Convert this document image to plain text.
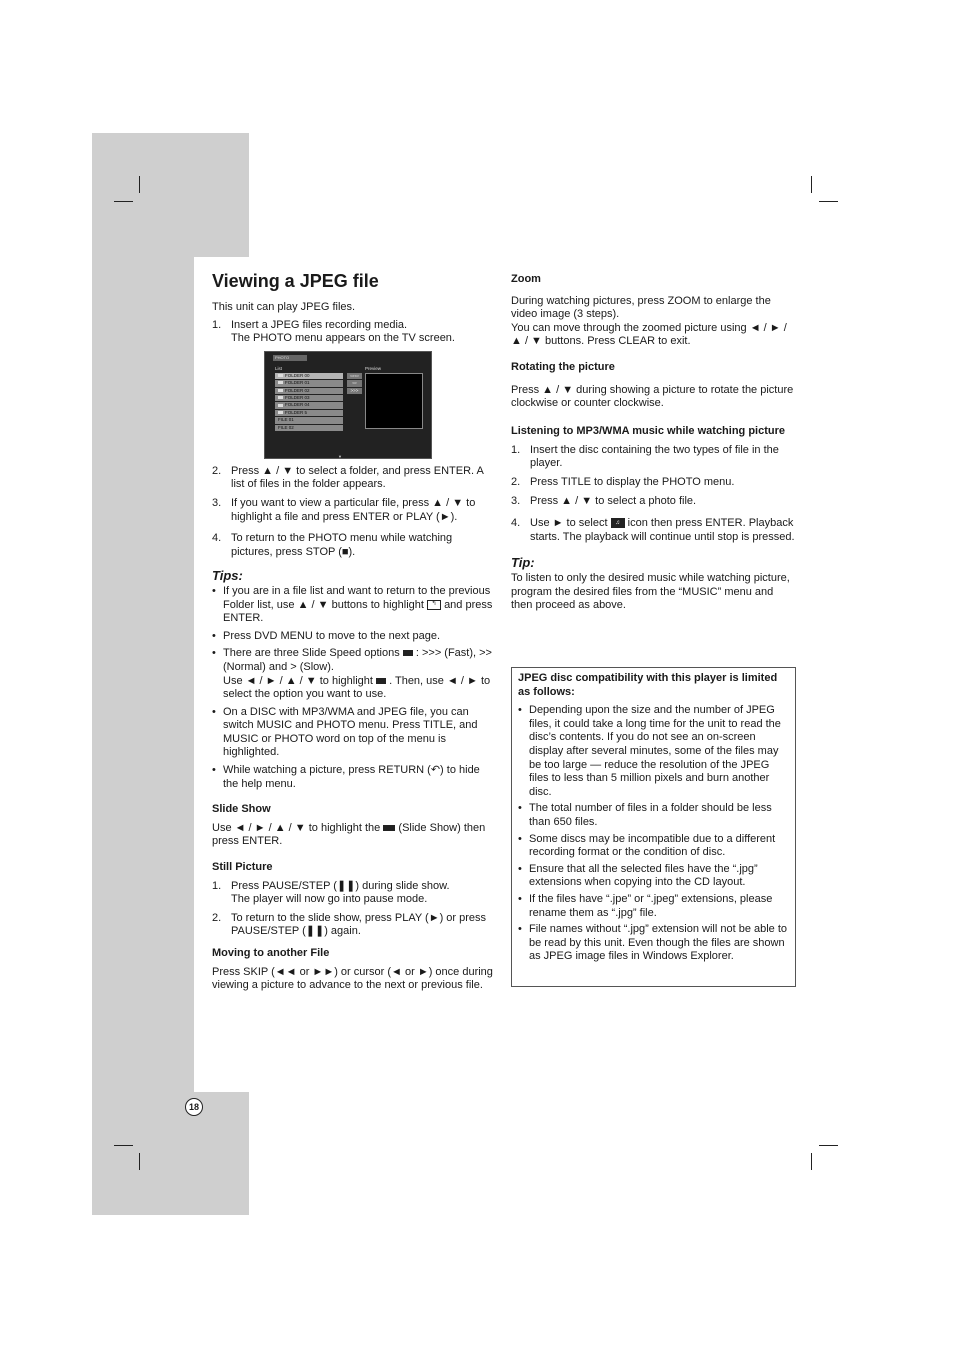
18
Viewing a JPEG file
This unit can play JPEG files.
1. Insert a JPEG files recording media.
The PHOTO menu appears on the TV screen.
PHOTO
List	Preview
FOLDER 00
FOLDER 01
FOLDER 02
FOLDER 03
FOLDER 04
FOLDER 5
FILE 01
FILE 02
▭▭
▭
>>>
▼
2. Press ▲ / ▼ to select a folder, and press ENTER. A list of files in the folder appears.
3. If you want to view a particular file, press ▲ / ▼ to highlight a file and press ENTER or PLAY (►).
4. To return to the PHOTO menu while watching pictures, press STOP (■).
Tips:
• If you are in a file list and want to return to the previous Folder list, use ▲ / ▼ buttons to highlight ↰ and press ENTER.
• Press DVD MENU to move to the next page.
• There are three Slide Speed options : >>> (Fast), >> (Normal) and > (Slow).
Use ◄ / ► / ▲ / ▼ to highlight . Then, use ◄ / ► to select the option you want to use.
• On a DISC with MP3/WMA and JPEG file, you can switch MUSIC and PHOTO menu. Press TITLE, and MUSIC or PHOTO word on top of the menu is highlighted.
• While watching a picture, press RETURN (↶) to hide the help menu.
Slide Show
Use ◄ / ► / ▲ / ▼ to highlight the (Slide Show) then press ENTER.
Still Picture
1. Press PAUSE/STEP (❚❚) during slide show.
The player will now go into pause mode.
2. To return to the slide show, press PLAY (►) or press PAUSE/STEP (❚❚) again.
Moving to another File
Press SKIP (◄◄ or ►►) or cursor (◄ or ►) once during viewing a picture to advance to the next or previous file.
Zoom
During watching pictures, press ZOOM to enlarge the video image (3 steps).
You can move through the zoomed picture using ◄ / ► / ▲ / ▼ buttons. Press CLEAR to exit.
Rotating the picture
Press ▲ / ▼ during showing a picture to rotate the picture clockwise or counter clockwise.
Listening to MP3/WMA music while watching picture
1. Insert the disc containing the two types of file in the player.
2. Press TITLE to display the PHOTO menu.
3. Press ▲ / ▼ to select a photo file.
4. Use ► to select ♫ icon then press ENTER. Playback starts. The playback will continue until stop is pressed.
Tip:
To listen to only the desired music while watching picture, program the desired files from the “MUSIC” menu and then proceed as above.
JPEG disc compatibility with this player is limited as follows:
• Depending upon the size and the number of JPEG files, it could take a long time for the unit to read the disc’s contents. If you do not see an on-screen display after several minutes, some of the files may be too large — reduce the resolution of the JPEG files to less than 5 million pixels and burn another disc.
• The total number of files in a folder should be less than 650 files.
• Some discs may be incompatible due to a different recording format or the condition of disc.
• Ensure that all the selected files have the “.jpg” extensions when copying into the CD layout.
• If the files have “.jpe” or “.jpeg” extensions, please rename them as “.jpg” file.
• File names without “.jpg” extension will not be able to be read by this unit. Even though the files are shown as JPEG image files in Windows Explorer.
